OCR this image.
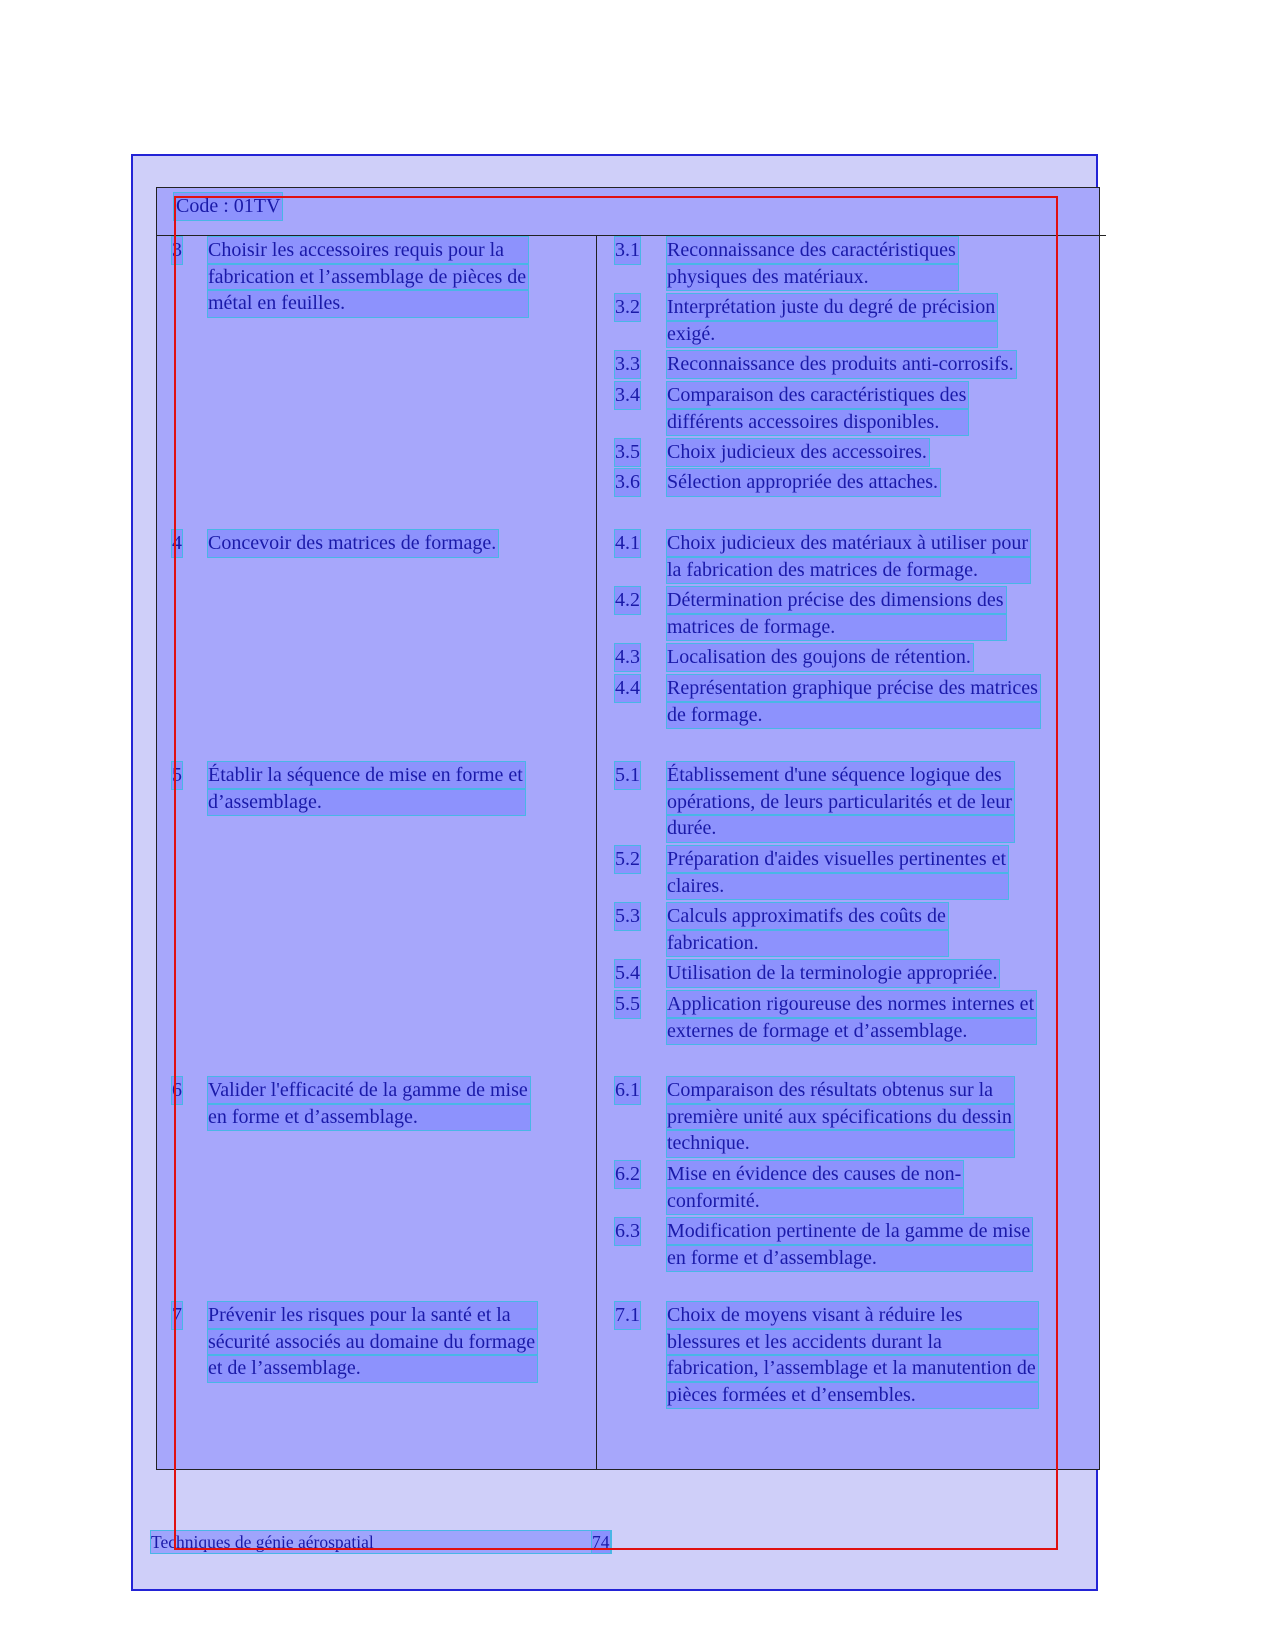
Code : 01TV
3 Choisir les accessoires requis pour la
fabrication et l’assemblage de pièces de
métal en feuilles.
3.1 Reconnaissance des caractéristiques
physiques des matériaux.
3.2 Interprétation juste du degré de précision
exigé.
3.3 Reconnaissance des produits anti-corrosifs.
3.4 Comparaison des caractéristiques des
différents accessoires disponibles.
3.5 Choix judicieux des accessoires.
3.6 Sélection appropriée des attaches.
4 Concevoir des matrices de formage.	4.1 Choix judicieux des matériaux à utiliser pour
la fabrication des matrices de formage.
4.2 Détermination précise des dimensions des
matrices de formage.
4.3 Localisation des goujons de rétention.
4.4 Représentation graphique précise des matrices
de formage.
5 Établir la séquence de mise en forme et
d’assemblage.
5.1 Établissement d'une séquence logique des
opérations, de leurs particularités et de leur
durée.
5.2 Préparation d'aides visuelles pertinentes et
claires.
5.3 Calculs approximatifs des coûts de
fabrication.
5.4 Utilisation de la terminologie appropriée.
5.5 Application rigoureuse des normes internes et
externes de formage et d’assemblage.
6 Valider l'efficacité de la gamme de mise
en forme et d’assemblage.
6.1 Comparaison des résultats obtenus sur la
première unité aux spécifications du dessin
technique.
6.2 Mise en évidence des causes de non-
conformité.
6.3 Modification pertinente de la gamme de mise
en forme et d’assemblage.
7 Prévenir les risques pour la santé et la
sécurité associés au domaine du formage
et de l’assemblage.
7.1 Choix de moyens visant à réduire les
blessures et les accidents durant la
fabrication, l’assemblage et la manutention de
pièces formées et d’ensembles.
Techniques de génie aérospatial	74
